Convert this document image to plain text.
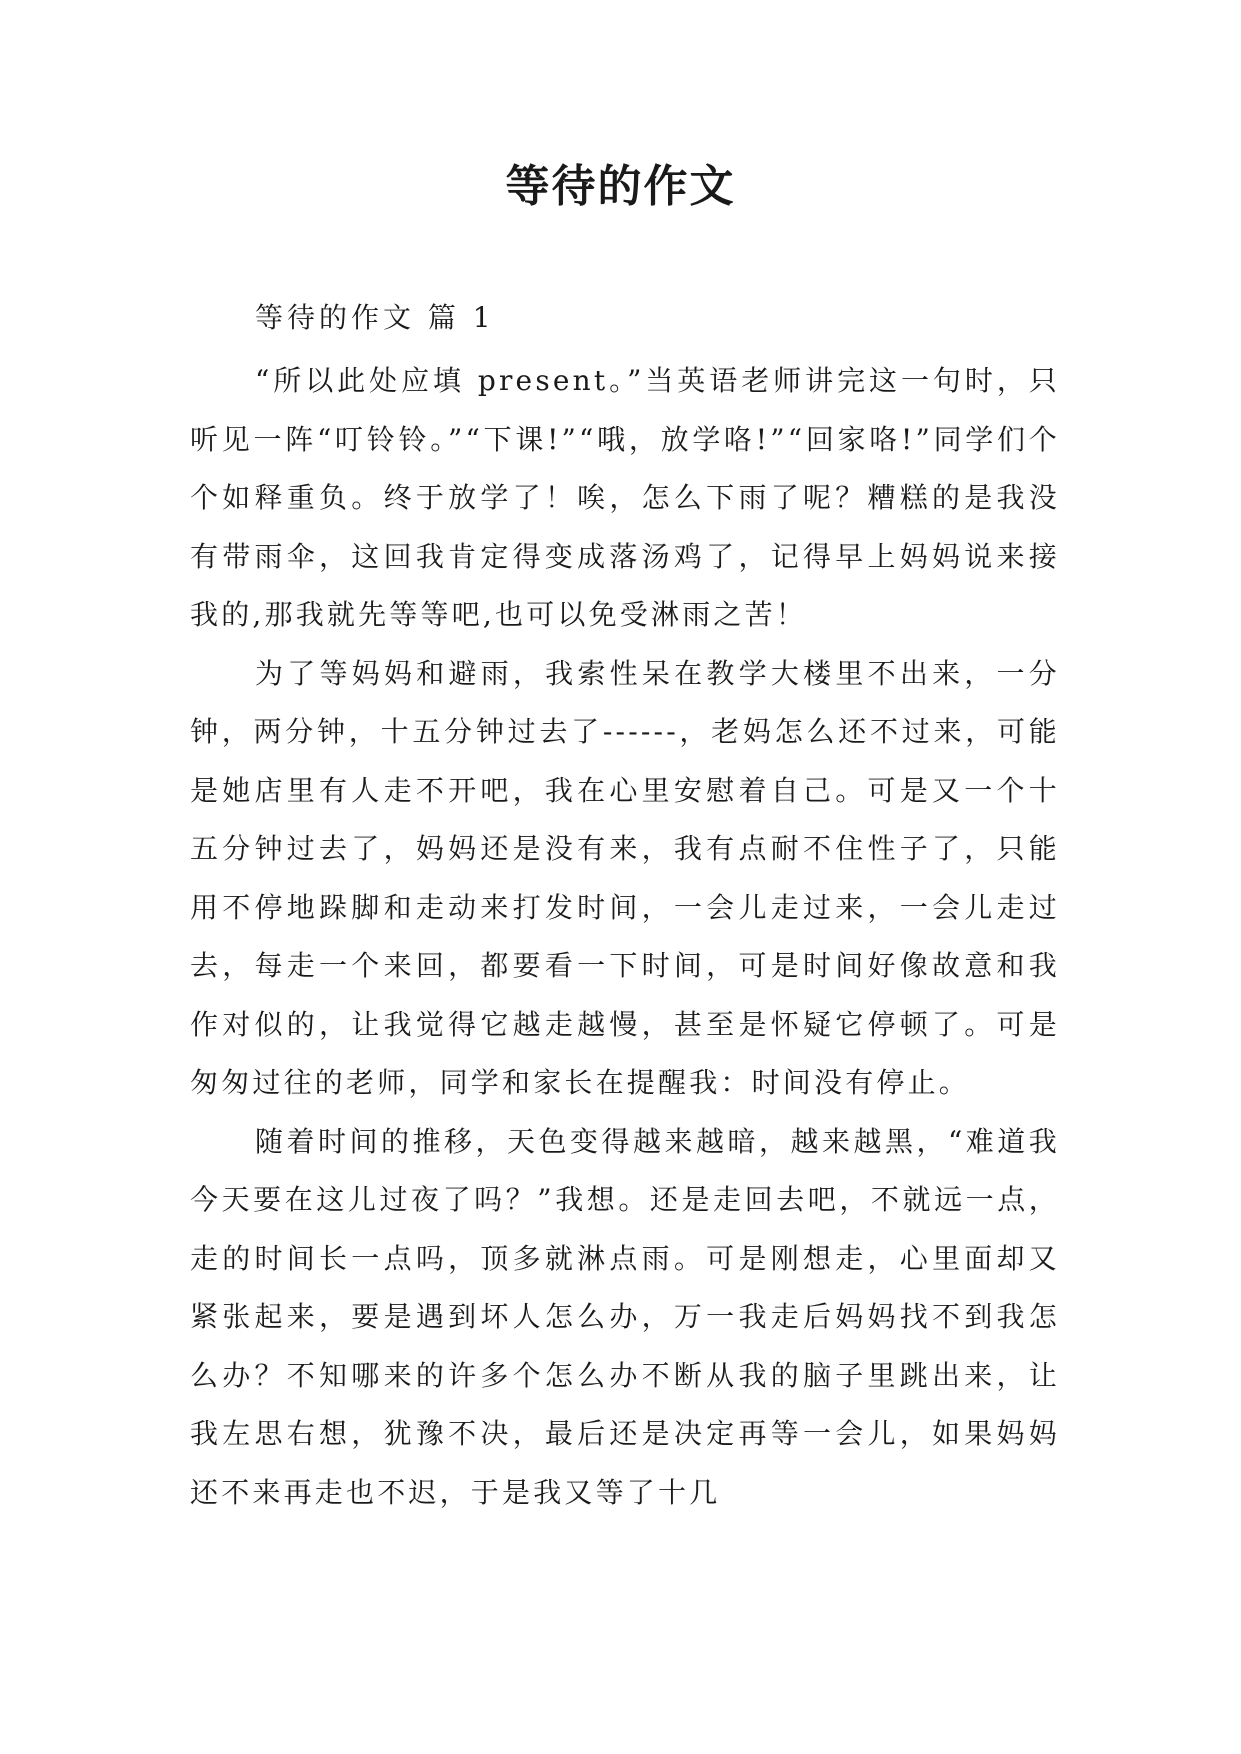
等待的作文
等待的作文 篇 1

“所以此处应填 present。”当英语老师讲完这一句时，只听见一阵“叮铃铃。”“下课!”“哦，放学咯!”“回家咯!”同学们个个如释重负。终于放学了！唉，怎么下雨了呢？糟糕的是我没有带雨伞，这回我肯定得变成落汤鸡了，记得早上妈妈说来接我的,那我就先等等吧,也可以免受淋雨之苦！

为了等妈妈和避雨，我索性呆在教学大楼里不出来，一分钟，两分钟，十五分钟过去了------，老妈怎么还不过来，可能是她店里有人走不开吧，我在心里安慰着自己。可是又一个十五分钟过去了，妈妈还是没有来，我有点耐不住性子了，只能用不停地跺脚和走动来打发时间，一会儿走过来，一会儿走过去，每走一个来回，都要看一下时间，可是时间好像故意和我作对似的，让我觉得它越走越慢，甚至是怀疑它停顿了。可是匆匆过往的老师，同学和家长在提醒我：时间没有停止。

随着时间的推移，天色变得越来越暗，越来越黑，“难道我今天要在这儿过夜了吗？”我想。还是走回去吧，不就远一点，走的时间长一点吗，顶多就淋点雨。可是刚想走，心里面却又紧张起来，要是遇到坏人怎么办，万一我走后妈妈找不到我怎么办？不知哪来的许多个怎么办不断从我的脑子里跳出来，让我左思右想，犹豫不决，最后还是决定再等一会儿，如果妈妈还不来再走也不迟，于是我又等了十几
